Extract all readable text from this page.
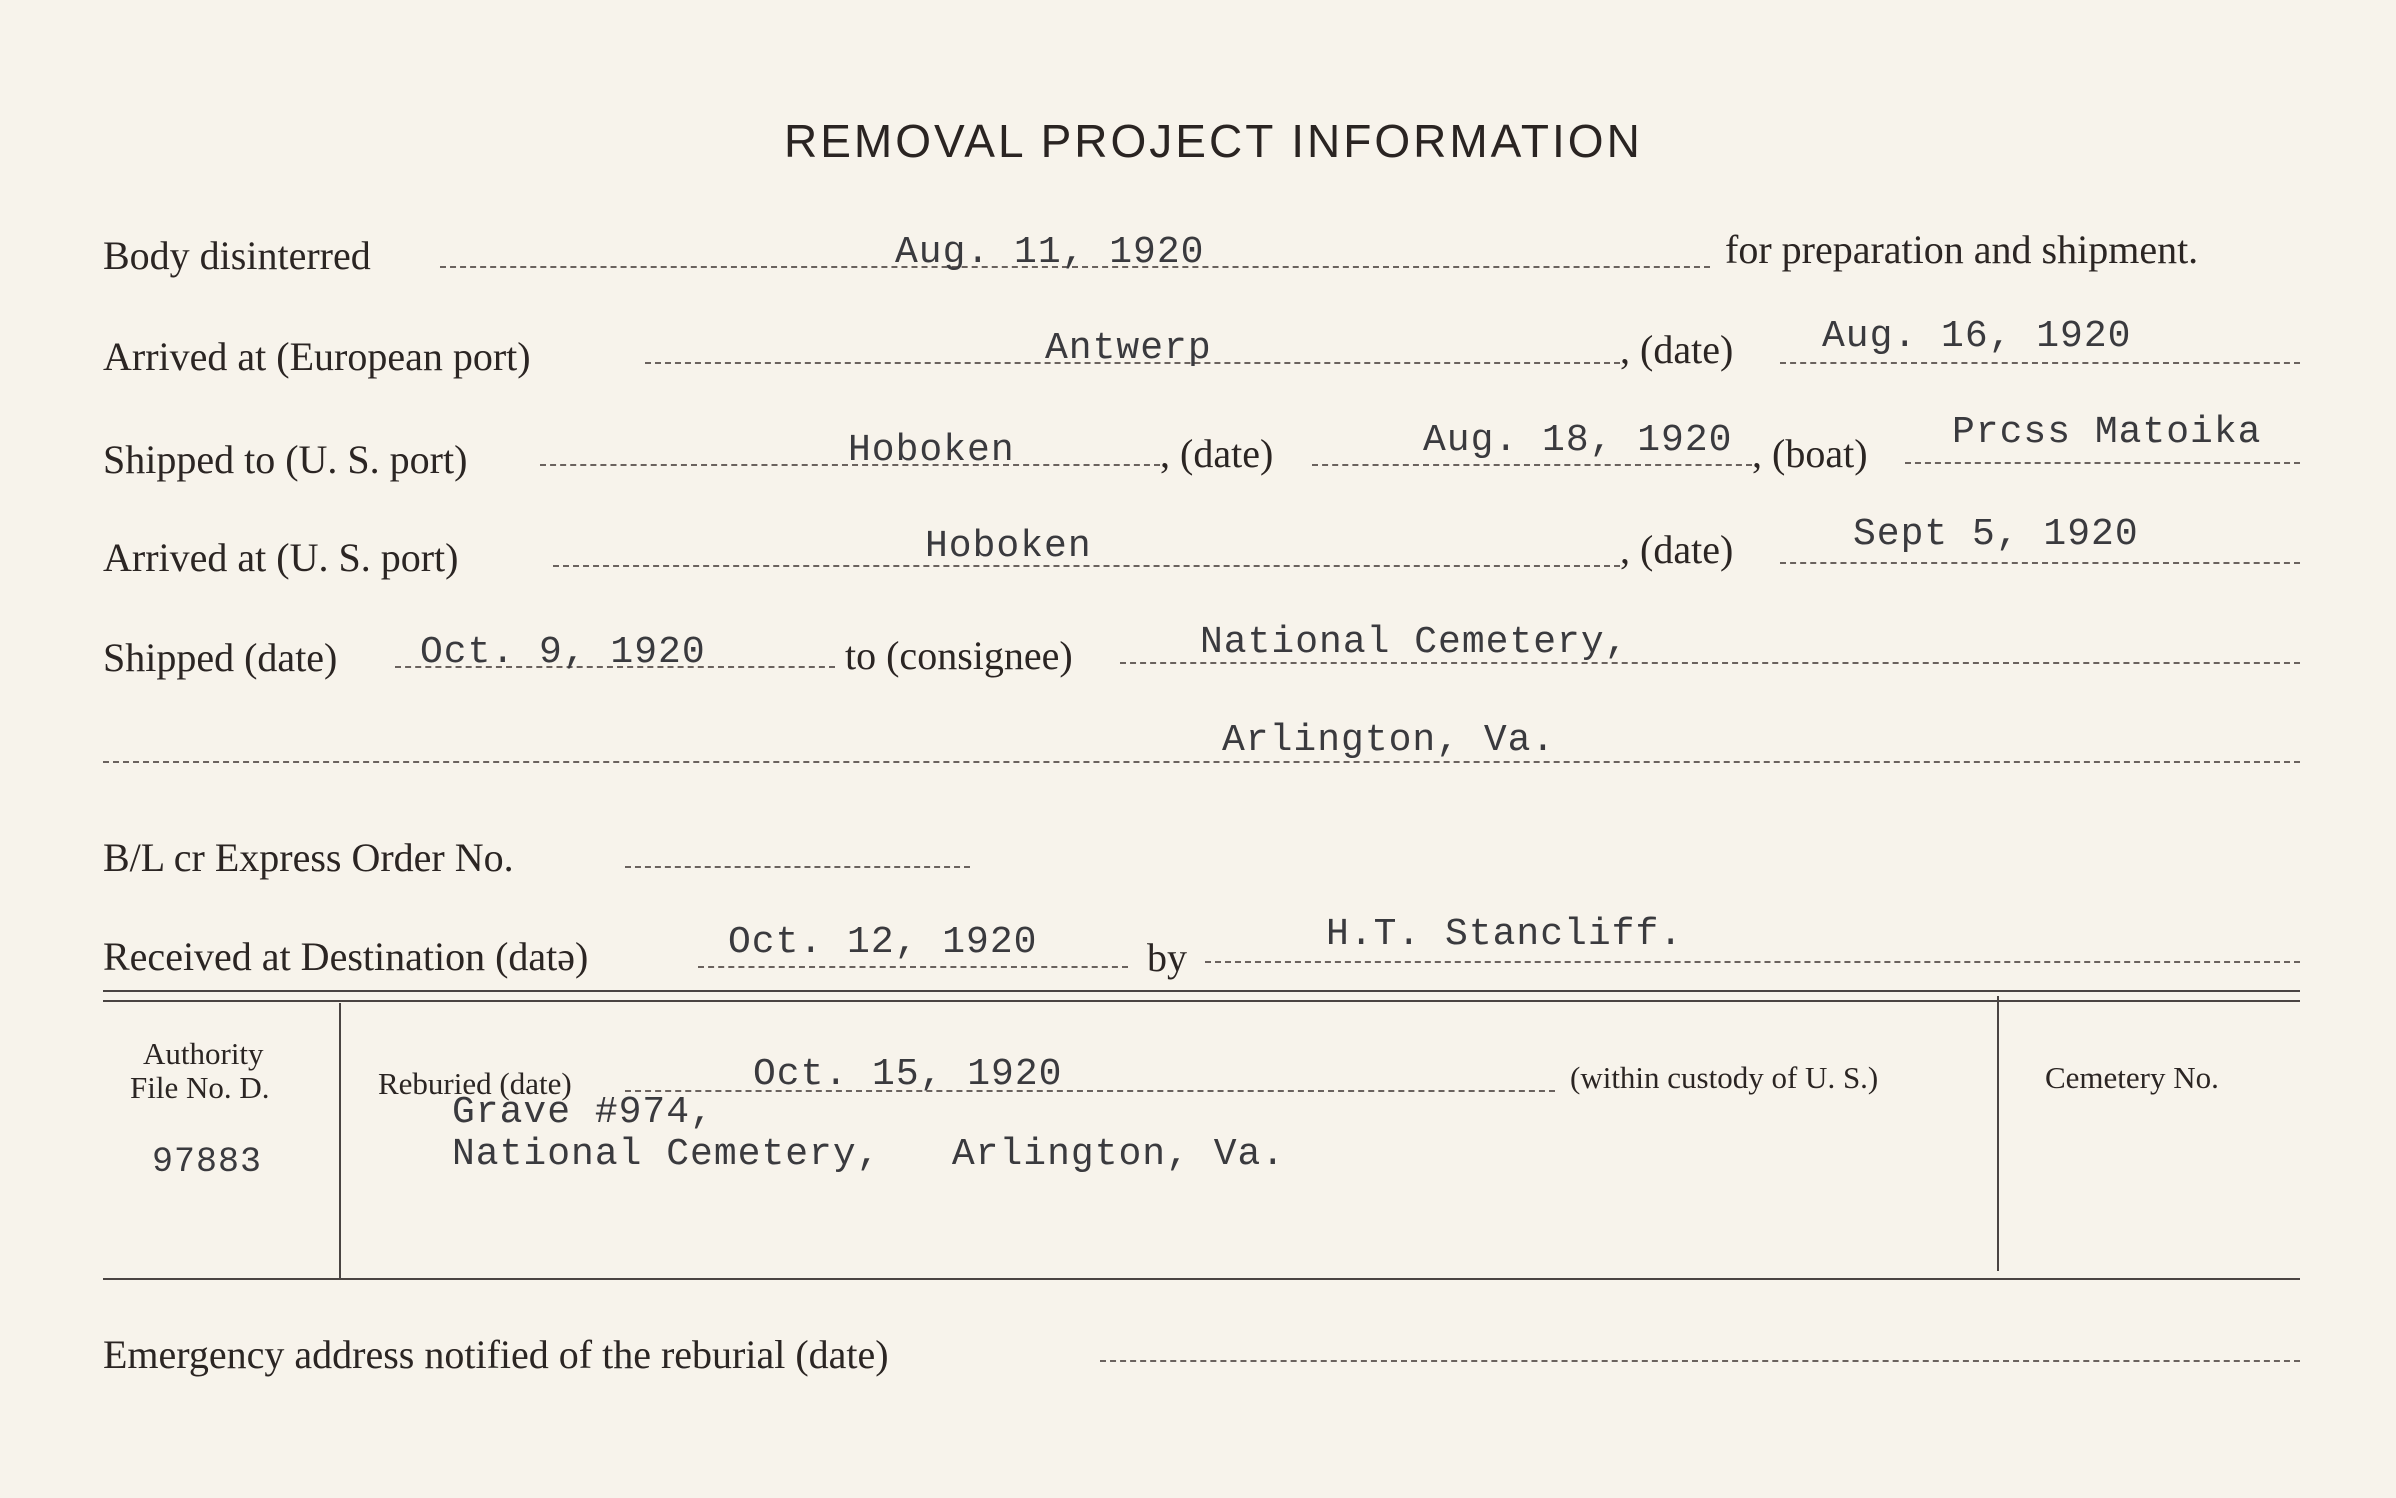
REMOVAL PROJECT INFORMATION
Body disinterred	Aug. 11, 1920	for preparation and shipment.
Arrived at (European port)	Antwerp	, (date) Aug. 16, 1920
Shipped to (U. S. port)	Hoboken	, (date)	Aug. 18, 1920 , (boat) Prcss Matoika
Arrived at (U. S. port)	Hoboken	, (date)	Sept 5, 1920
Shipped (date) Oct. 9, 1920	to (consignee)	National Cemetery,
Arlington, Va.
B/L cr Express Order No.
Received at Destination (datə)	Oct. 12, 1920	by
H.T. Stancliff.
Authority
File No. D.
97883
Reburied (date)	Oct. 15, 1920	(within custody of U. S.)
Grave #974,
National Cemetery,   Arlington, Va.
Cemetery No.
Emergency address notified of the reburial (date)
